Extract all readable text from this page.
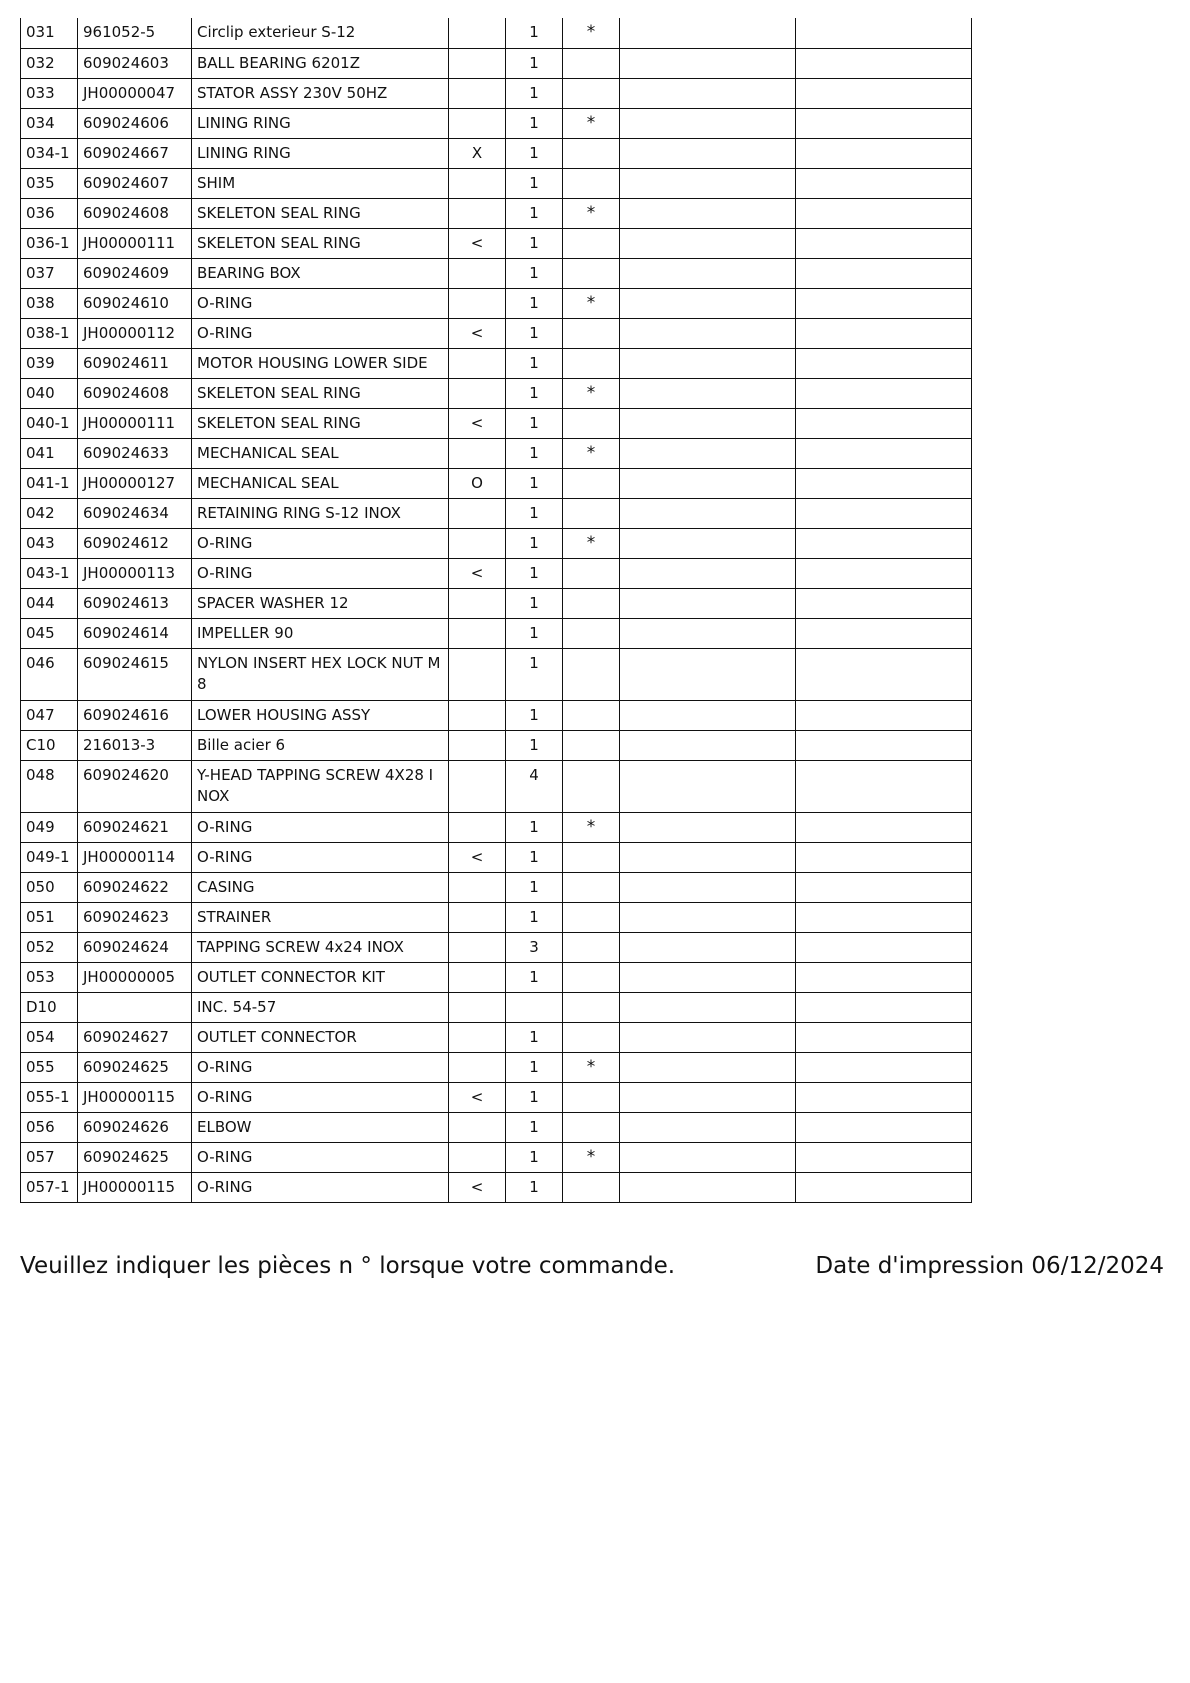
031	961052-5	Circlip exterieur S-12		1	*		
032	609024603	BALL BEARING 6201Z		1			
033	JH00000047	STATOR ASSY 230V 50HZ		1			
034	609024606	LINING RING		1	*		
034-1	609024667	LINING RING	X	1			
035	609024607	SHIM		1			
036	609024608	SKELETON SEAL RING		1	*		
036-1	JH00000111	SKELETON SEAL RING	<	1			
037	609024609	BEARING BOX		1			
038	609024610	O-RING		1	*		
038-1	JH00000112	O-RING	<	1			
039	609024611	MOTOR HOUSING LOWER SIDE		1			
040	609024608	SKELETON SEAL RING		1	*		
040-1	JH00000111	SKELETON SEAL RING	<	1			
041	609024633	MECHANICAL SEAL		1	*		
041-1	JH00000127	MECHANICAL SEAL	O	1			
042	609024634	RETAINING RING S-12 INOX		1			
043	609024612	O-RING		1	*		
043-1	JH00000113	O-RING	<	1			
044	609024613	SPACER WASHER 12		1			
045	609024614	IMPELLER 90		1			
046	609024615	NYLON INSERT HEX LOCK NUT M8		1			
047	609024616	LOWER HOUSING ASSY		1			
C10	216013-3	Bille acier 6		1			
048	609024620	Y-HEAD TAPPING SCREW 4X28 INOX		4			
049	609024621	O-RING		1	*		
049-1	JH00000114	O-RING	<	1			
050	609024622	CASING		1			
051	609024623	STRAINER		1			
052	609024624	TAPPING SCREW 4x24 INOX		3			
053	JH00000005	OUTLET CONNECTOR KIT		1			
D10		INC. 54-57					
054	609024627	OUTLET CONNECTOR		1			
055	609024625	O-RING		1	*		
055-1	JH00000115	O-RING	<	1			
056	609024626	ELBOW		1			
057	609024625	O-RING		1	*		
057-1	JH00000115	O-RING	<	1			
Veuillez indiquer les pièces n ° lorsque votre commande.	Date d'impression 06/12/2024
